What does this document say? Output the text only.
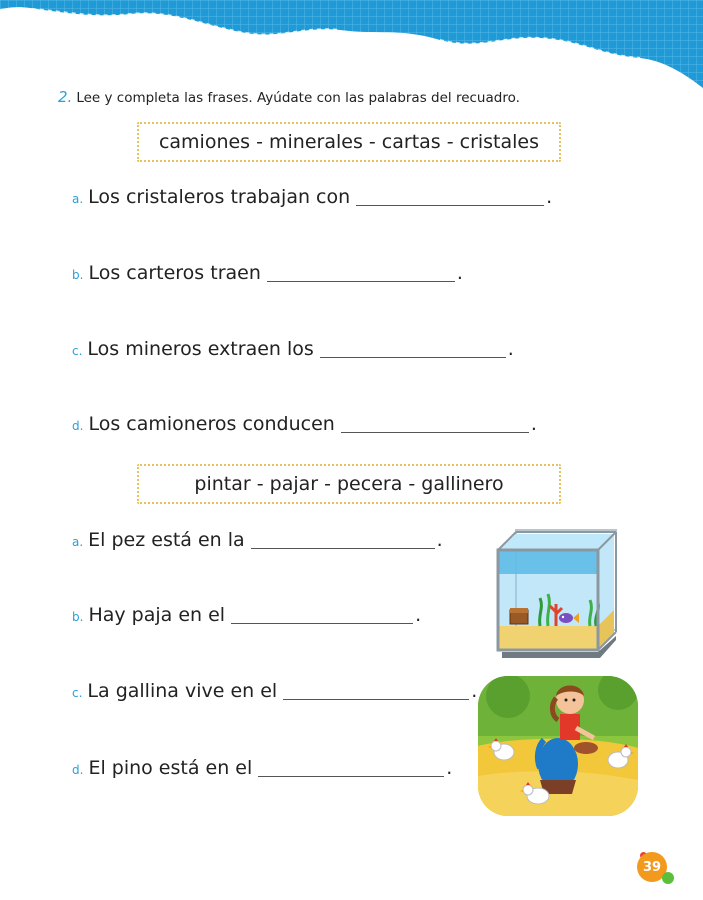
2. Lee y completa las frases. Ayúdate con las palabras del recuadro.
camiones - minerales - cartas - cristales
a. Los cristaleros trabajan con	.
b. Los carteros traen	.
c. Los mineros extraen los	.
d. Los camioneros conducen	.
pintar - pajar - pecera - gallinero
a. El pez está en la	.
b. Hay paja en el	.
c. La gallina vive en el	.
d. El pino está en el	.
39
